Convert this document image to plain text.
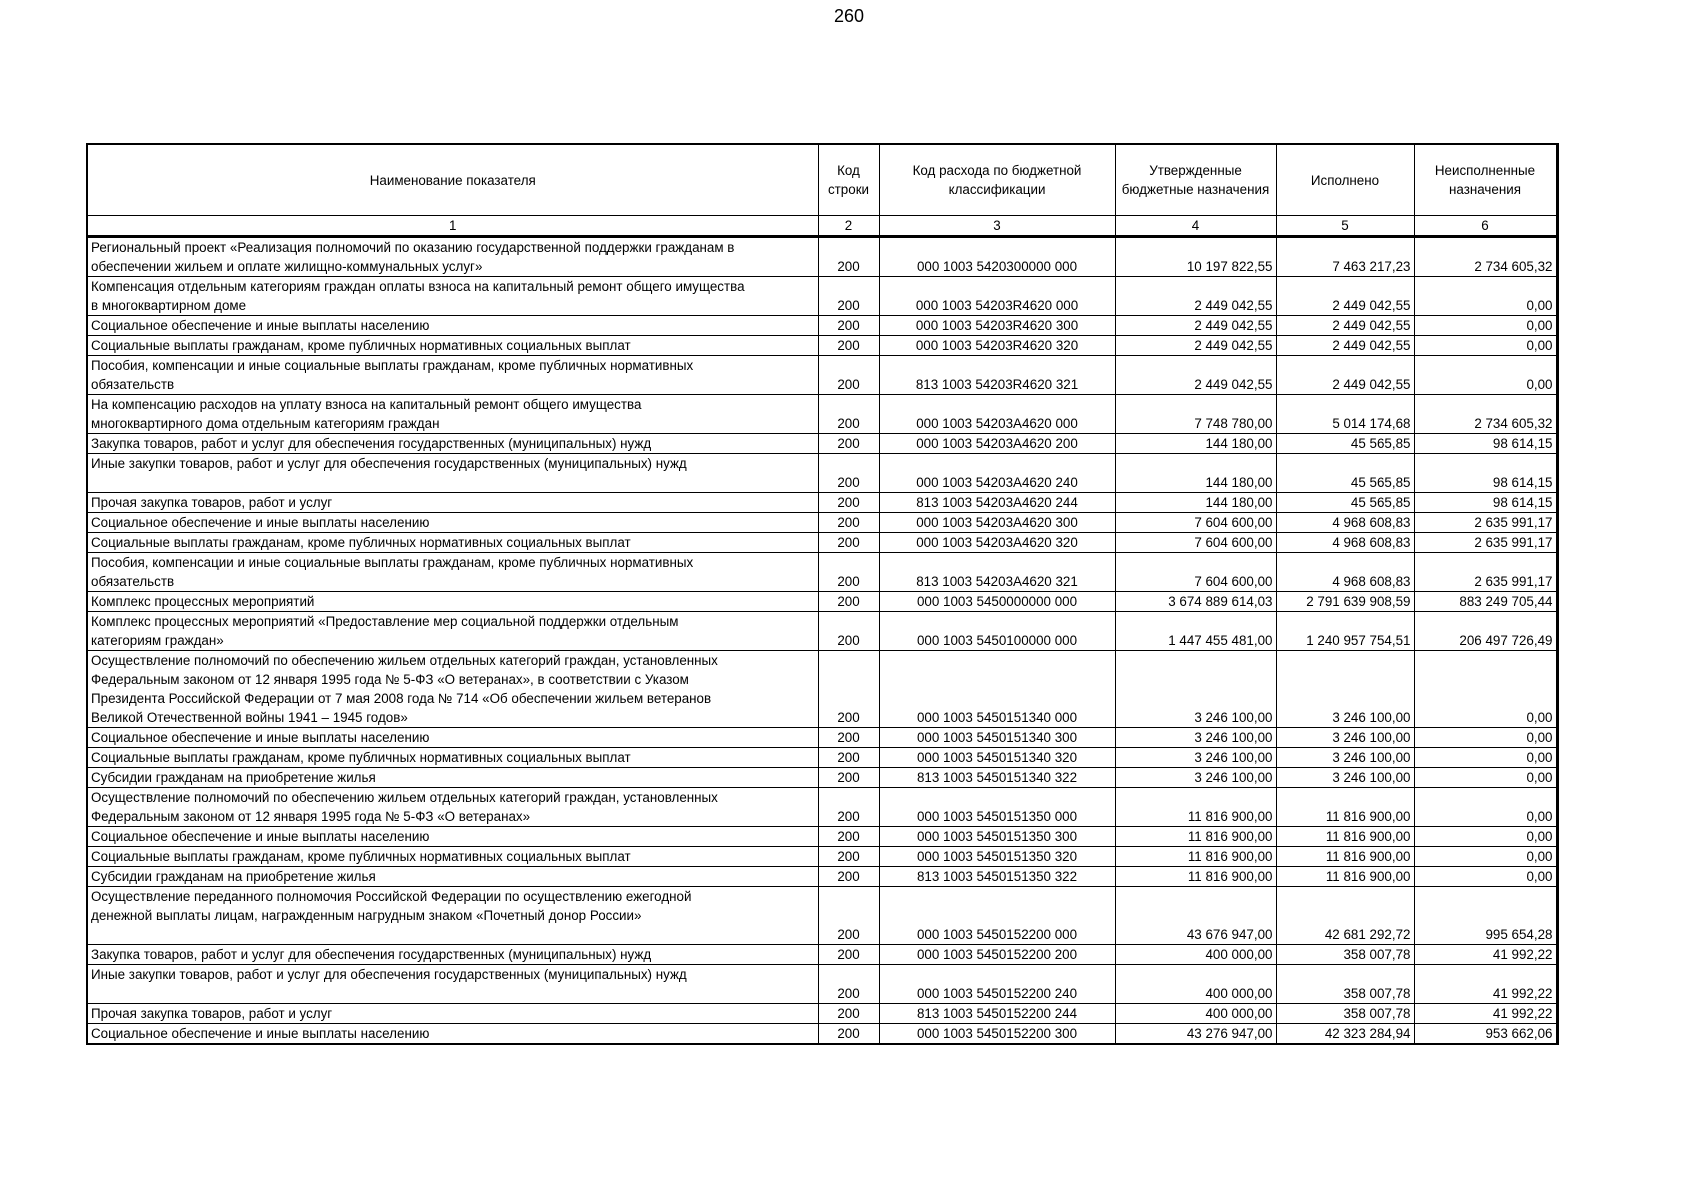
260
Наименование показателя	Код строки	Код расхода по бюджетной классификации	Утвержденные бюджетные назначения	Исполнено	Неисполненные назначения
1	2	3	4	5	6

Региональный проект «Реализация полномочий по оказанию государственной поддержки гражданам в
обеспечении жильем и оплате жилищно-коммунальных услуг»	200	000 1003 5420300000 000	10 197 822,55	7 463 217,23	2 734 605,32

Компенсация отдельным категориям граждан оплаты взноса на капитальный ремонт общего имущества
в многоквартирном доме	200	000 1003 54203R4620 000	2 449 042,55	2 449 042,55	0,00

Социальное обеспечение и иные выплаты населению	200	000 1003 54203R4620 300	2 449 042,55	2 449 042,55	0,00

Социальные выплаты гражданам, кроме публичных нормативных социальных выплат	200	000 1003 54203R4620 320	2 449 042,55	2 449 042,55	0,00

Пособия, компенсации и иные социальные выплаты гражданам, кроме публичных нормативных
обязательств	200	813 1003 54203R4620 321	2 449 042,55	2 449 042,55	0,00

На компенсацию расходов на уплату взноса на капитальный ремонт общего имущества
многоквартирного дома отдельным категориям граждан	200	000 1003 54203А4620 000	7 748 780,00	5 014 174,68	2 734 605,32

Закупка товаров, работ и услуг для обеспечения государственных (муниципальных) нужд	200	000 1003 54203А4620 200	144 180,00	45 565,85	98 614,15

Иные закупки товаров, работ и услуг для обеспечения государственных (муниципальных) нужд	200	000 1003 54203А4620 240	144 180,00	45 565,85	98 614,15

Прочая закупка товаров, работ и услуг	200	813 1003 54203А4620 244	144 180,00	45 565,85	98 614,15

Социальное обеспечение и иные выплаты населению	200	000 1003 54203А4620 300	7 604 600,00	4 968 608,83	2 635 991,17

Социальные выплаты гражданам, кроме публичных нормативных социальных выплат	200	000 1003 54203А4620 320	7 604 600,00	4 968 608,83	2 635 991,17

Пособия, компенсации и иные социальные выплаты гражданам, кроме публичных нормативных
обязательств	200	813 1003 54203А4620 321	7 604 600,00	4 968 608,83	2 635 991,17

Комплекс процессных мероприятий	200	000 1003 5450000000 000	3 674 889 614,03	2 791 639 908,59	883 249 705,44

Комплекс процессных мероприятий «Предоставление мер социальной поддержки отдельным
категориям граждан»	200	000 1003 5450100000 000	1 447 455 481,00	1 240 957 754,51	206 497 726,49

Осуществление полномочий по обеспечению жильем отдельных категорий граждан, установленных
Федеральным законом от 12 января 1995 года № 5-ФЗ «О ветеранах», в соответствии с Указом
Президента Российской Федерации от 7 мая 2008 года № 714 «Об обеспечении жильем ветеранов
Великой Отечественной войны 1941 – 1945 годов»	200	000 1003 5450151340 000	3 246 100,00	3 246 100,00	0,00

Социальное обеспечение и иные выплаты населению	200	000 1003 5450151340 300	3 246 100,00	3 246 100,00	0,00

Социальные выплаты гражданам, кроме публичных нормативных социальных выплат	200	000 1003 5450151340 320	3 246 100,00	3 246 100,00	0,00

Субсидии гражданам на приобретение жилья	200	813 1003 5450151340 322	3 246 100,00	3 246 100,00	0,00

Осуществление полномочий по обеспечению жильем отдельных категорий граждан, установленных
Федеральным законом от 12 января 1995 года № 5-ФЗ «О ветеранах»	200	000 1003 5450151350 000	11 816 900,00	11 816 900,00	0,00

Социальное обеспечение и иные выплаты населению	200	000 1003 5450151350 300	11 816 900,00	11 816 900,00	0,00

Социальные выплаты гражданам, кроме публичных нормативных социальных выплат	200	000 1003 5450151350 320	11 816 900,00	11 816 900,00	0,00

Субсидии гражданам на приобретение жилья	200	813 1003 5450151350 322	11 816 900,00	11 816 900,00	0,00

Осуществление переданного полномочия Российской Федерации по осуществлению ежегодной
денежной выплаты лицам, награжденным нагрудным знаком «Почетный донор России»	200	000 1003 5450152200 000	43 676 947,00	42 681 292,72	995 654,28

Закупка товаров, работ и услуг для обеспечения государственных (муниципальных) нужд	200	000 1003 5450152200 200	400 000,00	358 007,78	41 992,22

Иные закупки товаров, работ и услуг для обеспечения государственных (муниципальных) нужд	200	000 1003 5450152200 240	400 000,00	358 007,78	41 992,22

Прочая закупка товаров, работ и услуг	200	813 1003 5450152200 244	400 000,00	358 007,78	41 992,22

Социальное обеспечение и иные выплаты населению	200	000 1003 5450152200 300	43 276 947,00	42 323 284,94	953 662,06
